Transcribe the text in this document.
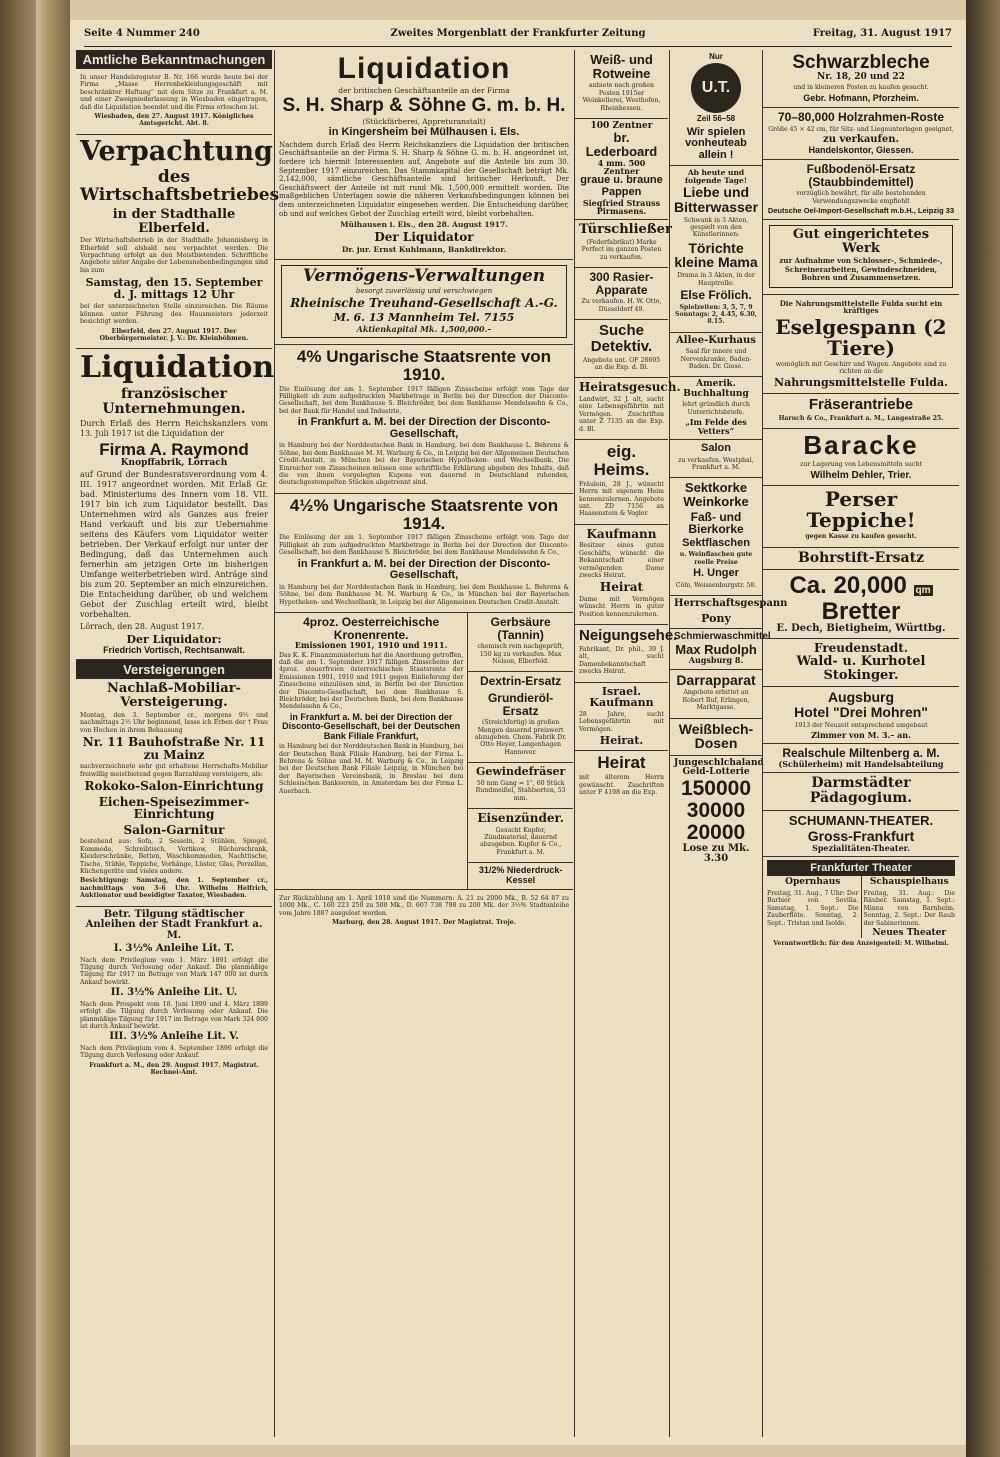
Seite 4 Nummer 240	Zweites Morgenblatt der Frankfurter Zeitung	Freitag, 31. August 1917
Amtliche Bekanntmachungen

In unser Handelsregister B. Nr. 166 wurde heute bei der Firma „Masse Herrenbekleidungsgeschäft mit beschränkter Haftung“ mit dem Sitze zu Frankfurt a. M. und einer Zweigniederlassung in Wiesbaden eingetragen, daß die Liquidation beendet und die Firma erloschen ist.

Wiesbaden, den 27. August 1917. Königliches Amtsgericht. Abt. 8.

Verpachtung
des Wirtschaftsbetriebes
in der Stadthalle Elberfeld.

Der Wirtschaftsbetrieb in der Stadthalle Johannisberg in Elberfeld soll alsbald neu verpachtet werden. Die Verpachtung erfolgt an den Meistbietenden. Schriftliche Angebote unter Angabe der Lebensnebenbedingungen sind bis zum

Samstag, den 15. September d. J. mittags 12 Uhr

bei der unterzeichneten Stelle einzureichen. Die Räume können unter Führung des Hausmeisters jederzeit besichtigt werden.

Elberfeld, den 27. August 1917. Der Oberbürgermeister. J. V.: Dr. Kleinböhmen.

Liquidation
französischer Unternehmungen.

Durch Erlaß des Herrn Reichskanzlers vom 13. Juli 1917 ist die Liquidation der

Firma A. Raymond
Knopffabrik, Lörrach

auf Grund der Bundesratsverordnung vom 4. III. 1917 angeordnet worden. Mit Erlaß Gr. bad. Ministeriums des Innern vom 18. VII. 1917 bin ich zum Liquidator bestellt. Das Unternehmen wird als Ganzes aus freier Hand verkauft und bis zur Uebernahme seitens des Käufers vom Liquidator weiter betrieben. Der Verkauf erfolgt nur unter der Bedingung, daß das Unternehmen auch fernerhin am jetzigen Orte im bisherigen Umfange weiterbetrieben wird. Anträge sind bis zum 20. September an mich einzureichen. Die Entscheidung darüber, ob und welchem Gebot der Zuschlag erteilt wird, bleibt vorbehalten.

Lörrach, den 28. August 1917.

Der Liquidator:
Friedrich Vortisch, Rechtsanwalt.
Versteigerungen
Nachlaß-Mobiliar-Versteigerung.

Montag, den 3. September cr., morgens 9½ und nachmittags 2½ Uhr beginnend, lasse ich Erben der † Frau von Hochen in ihrem Behausung

Nr. 11 Bauhofstraße Nr. 11 zu Mainz

nachverzeichnete sehr gut erhaltene Herrschafts-Mobiliar freiwillig meistbietend gegen Barzahlung versteigern, als:

Rokoko-Salon-Einrichtung
Eichen-Speisezimmer-Einrichtung
Salon-Garnitur

bestehend aus: Sofa, 2 Sesseln, 2 Stühlen, Spiegel, Kommode, Schreibtisch, Vertikow, Bücherschrank, Kleiderschränke, Betten, Waschkommoden, Nachttische, Tische, Stühle, Teppiche, Vorhänge, Lüster, Glas, Porzellan, Küchengeräte und vieles andere.

Besichtigung: Samstag, den 1. September cr., nachmittags von 3–6 Uhr. Wilhelm Helfrich, Auktionator und beeidigter Taxator, Wiesbaden.

Betr. Tilgung städtischer Anleihen der Stadt Frankfurt a. M.
I. 3½% Anleihe Lit. T.

Nach dem Privilegium vom 1. März 1891 erfolgt die Tilgung durch Verlosung oder Ankauf. Die planmäßige Tilgung für 1917 im Betrage von Mark 147 000 ist durch Ankauf bewirkt.

II. 3½% Anleihe Lit. U.

Nach dem Prospekt vom 18. Juni 1899 und 4. März 1899 erfolgt die Tilgung durch Verlosung oder Ankauf. Die planmäßige Tilgung für 1917 im Betrage von Mark 324 800 ist durch Ankauf bewirkt.

III. 3½% Anleihe Lit. V.

Nach dem Privilegium vom 4. September 1896 erfolgt die Tilgung durch Verlosung oder Ankauf.

Frankfurt a. M., den 29. August 1917. Magistrat. Rechnei-Amt.

Liquidation
der britischen Geschäftsanteile an der Firma
S. H. Sharp & Söhne G. m. b. H.
(Stückfärberei, Appreturanstalt)
in Kingersheim bei Mülhausen i. Els.

Nachdem durch Erlaß des Herrn Reichskanzlers die Liquidation der britischen Geschäftsanteile an der Firma S. H. Sharp & Söhne G. m. b. H. angeordnet ist, fordere ich hiermit Interessenten auf, Angebote auf die Anteile bis zum 30. September 1917 einzureichen. Das Stammkapital der Gesellschaft beträgt Mk. 2,142,000, sämtliche Geschäftsanteile sind britischer Herkunft. Der Geschäftswert der Anteile ist mit rund Mk. 1,500,000 ermittelt worden. Die maßgeblichen Unterlagen sowie die näheren Verkaufsbedingungen können bei dem unterzeichneten Liquidator eingesehen werden. Die Entscheidung darüber, ob und auf welches Gebot der Zuschlag erteilt wird, bleibt vorbehalten.

Mülhausen i. Els., den 28. August 1917.

Der Liquidator
Dr. jur. Ernst Kuhlmann, Bankdirektor.
Vermögens-Verwaltungen
besorgt zuverlässig und verschwiegen
Rheinische Treuhand-Gesellschaft A.-G.
M. 6. 13 Mannheim Tel. 7155
Aktienkapital Mk. 1,500,000.–
4% Ungarische Staatsrente von 1910.

Die Einlösung der am 1. September 1917 fälligen Zinsscheine erfolgt vom Tage der Fälligkeit ab zum aufgedruckten Markbetrage in Berlin bei der Direction der Disconto-Gesellschaft, bei dem Bankhause S. Bleichröder, bei dem Bankhause Mendelssohn & Co., bei der Bank für Handel und Industrie,

in Frankfurt a. M. bei der Direction der Disconto-Gesellschaft,

in Hamburg bei der Norddeutschen Bank in Hamburg, bei dem Bankhause L. Behrens & Söhne, bei dem Bankhause M. M. Warburg & Co., in Leipzig bei der Allgemeinen Deutschen Credit-Anstalt, in München bei der Bayerischen Hypotheken- und Wechselbank. Die Einreicher von Zinsscheinen müssen eine schriftliche Erklärung abgeben des Inhalts, daß die von ihnen vorgelegten Kupons von dauernd in Deutschland ruhenden, deutschgestempelten Stücken abgetrennt sind.

4½% Ungarische Staatsrente von 1914.

Die Einlösung der am 1. September 1917 fälligen Zinsscheine erfolgt vom Tage der Fälligkeit ab zum aufgedruckten Markbetrage in Berlin bei der Direction der Disconto-Gesellschaft, bei dem Bankhause S. Bleichröder, bei dem Bankhause Mendelssohn & Co.,

in Frankfurt a. M. bei der Direction der Disconto-Gesellschaft,

in Hamburg bei der Norddeutschen Bank in Hamburg, bei dem Bankhause L. Behrens & Söhne, bei dem Bankhause M. M. Warburg & Co., in München bei der Bayerischen Hypotheken- und Wechselbank, in Leipzig bei der Allgemeinen Deutschen Credit-Anstalt.

4proz. Oesterreichische Kronenrente.
Emissionen 1901, 1910 und 1911.

Das K. K. Finanzministerium hat die Anordnung getroffen, daß die am 1. September 1917 fälligen Zinsscheine der 4proz. steuerfreien österreichischen Staatsrente der Emissionen 1901, 1910 und 1911 gegen Einlieferung der Zinsscheine einzulösen sind, in Berlin bei der Direction der Disconto-Gesellschaft, bei dem Bankhause S. Bleichröder, bei der Deutschen Bank, bei dem Bankhause Mendelssohn & Co.,

in Frankfurt a. M. bei der Direction der Disconto-Gesellschaft, bei der Deutschen Bank Filiale Frankfurt,

in Hamburg bei der Norddeutschen Bank in Hamburg, bei der Deutschen Bank Filiale Hamburg, bei der Firma L. Behrens & Söhne und M. M. Warburg & Co., in Leipzig bei der Deutschen Bank Filiale Leipzig, in München bei der Bayerischen Vereinsbank, in Breslau bei dem Schlesischen Bankverein, in Amsterdam bei der Firma L. Auerbach.

Gerbsäure (Tannin)

chemisch rein nachgeprüft, 150 kg zu verkaufen. Max Nelson, Elberfeld.

Dextrin-Ersatz
Grundieröl-Ersatz

(Streichfertig) in großen Mengen dauernd preiswert abzugeben. Chem. Fabrik Dr. Otto Heyer, Langenhagen Hannover.

Gewindefräser

50 mm Gang = 1", 60 Stück Rundmeißel, Stahlsorten, 53 mm.

Eisenzünder.

Gesucht Kupfer, Zündmaterial, dauernd abzugeben. Kupfer & Co., Frankfurt a. M.

31/2% Niederdruck-Kessel

Zur Rückzahlung am 1. April 1918 sind die Nummern: A. 21 zu 2000 Mk., B. 52 64 87 zu 1000 Mk., C. 160 223 250 zu 500 Mk., D. 607 738 798 zu 200 Mk. der 3½% Stadtanleihe vom Jahre 1887 ausgelost worden.

Marburg, den 28. August 1917. Der Magistrat. Troje.

Weiß- und Rotweine

anbiete nach großen Posten 1915er Weinkellerei, Westhofen, Rheinhessen.

100 Zentner
br. Lederboard
4 mm. 500 Zentner
graue u. braune Pappen
Siegfried Strauss Pirmasens.
Türschließer

(Federfabrikat) Marke Perfect im ganzen Posten zu verkaufen.

300 Rasier-Apparate

Zu verkaufen. H. W. Otto, Düsseldorf 49.

Suche Detektiv.

Angebote unt. OF 28695 an die Exp. d. Bl.

Heiratsgesuch.

Landwirt, 32 J. alt, sucht eine Lebensgefährtin mit Vermögen. Zuschriften unter Z 7135 an die Exp. d. Bl.

eig. Heims.

Fräulein, 28 J., wünscht Herrn mit eigenem Heim kennenzulernen. Angebote unt. ZD 7156 an Haasenstein & Vogler.

Kaufmann

Besitzer eines guten Geschäfts, wünscht die Bekanntschaft einer vermögenden Dame zwecks Heirat.

Heirat

Dame mit Vermögen wünscht Herrn in guter Position kennenzulernen.

Neigungsehe.

Fabrikant, Dr. phil., 39 J. alt, sucht Damenbekanntschaft zwecks Heirat.

Israel. Kaufmann

28 Jahre, sucht Lebensgefährtin mit Vermögen.

Heirat.
Heirat

mit älterem Herrn gewünscht. Zuschriften unter F 4198 an die Exp.

Nur
U.T.
Zeil 56–58
Wir spielen vonheuteab allein !
Ab heute und folgende Tage!
Liebe und Bitterwasser

Schwank in 3 Akten, gespielt von den Künstlerinnen:

Törichte kleine Mama

Drama in 3 Akten, in der Hauptrolle:

Else Frölich.

Spielzeiten: 3, 5, 7, 9 Sonntags: 2, 4.45, 6.30, 8.15.

Allee-Kurhaus

Saal für innere und Nervenkranke, Baden-Baden. Dr. Giese.

Amerik. Buchhaltung

lehrt gründlich durch Unterrichtsbriefe.

„Im Felde des Vetters“
Salon

zu verkaufen. Westphal, Frankfurt a. M.

Sektkorke Weinkorke
Faß- und Bierkorke
Sektflaschen

u. Weinflaschen gute reelle Preise

H. Unger

Cöln, Weissenburgstr. 58.

Herrschaftsgespann
Pony
Schmierwaschmittel
Max Rudolph
Augsburg 8.
Darrapparat

Angebote erbittet an Robert Ruf, Erlingen, Marktgasse.

Weißblech-Dosen
Jungeschlchaland Geld-Lotterie
150000
30000
20000
Lose zu Mk. 3.30
Schwarzbleche
Nr. 18, 20 und 22

und in kleineren Posten zu kaufen gesucht.

Gebr. Hofmann, Pforzheim.
70–80,000 Holzrahmen-Roste

Größe 45 × 42 cm, für Sitz- und Liegeunterlagen geeignet,

zu verkaufen.
Handelskontor, Giessen.
Fußbodenöl-Ersatz (Staubbindemittel)

vorzüglich bewährt, für alle bestehenden Verwendungszwecke empfiehlt

Deutsche Oel-Import-Gesellschaft m.b.H., Leipzig 33
Gut eingerichtetes Werk

zur Aufnahme von Schlosser-, Schmiede-, Schreinerarbeiten, Gewindeschneiden, Bohren und Zusammensetzen.

Die Nahrungsmittelstelle Fulda sucht ein kräftiges

Eselgespann (2 Tiere)

womöglich mit Geschirr und Wagen. Angebote sind zu richten an die

Nahrungsmittelstelle Fulda.
Fräserantriebe

Haruch & Co., Frankfurt a. M., Langestraße 25.

Baracke

zur Lagerung von Lebensmitteln sucht

Wilhelm Dehler, Trier.
Perser Teppiche!

gegen Kasse zu kaufen gesucht.

Bohrstift-Ersatz
Ca. 20,000 qm Bretter
E. Dech, Bietigheim, Württbg.
Freudenstadt.
Wald- u. Kurhotel Stokinger.
Augsburg
Hotel "Drei Mohren"

1913 der Neuzeit entsprechend umgebaut

Zimmer von M. 3.– an.
Realschule Miltenberg a. M.
(Schülerheim) mit Handelsabteilung
Darmstädter Pädagogium.
SCHUMANN-THEATER.
Gross-Frankfurt
Spezialitäten-Theater.
Frankfurter Theater
Opernhaus

Freitag, 31. Aug., 7 Uhr: Der Barbier von Sevilla. Samstag, 1. Sept.: Die Zauberflöte. Sonntag, 2. Sept.: Tristan und Isolde.

Schauspielhaus

Freitag, 31. Aug.: Die Räuber. Samstag, 1. Sept.: Minna von Barnhelm. Sonntag, 2. Sept.: Der Raub der Sabinerinnen.

Neues Theater

Verantwortlich: für den Anzeigenteil: M. Wilhelmi.
